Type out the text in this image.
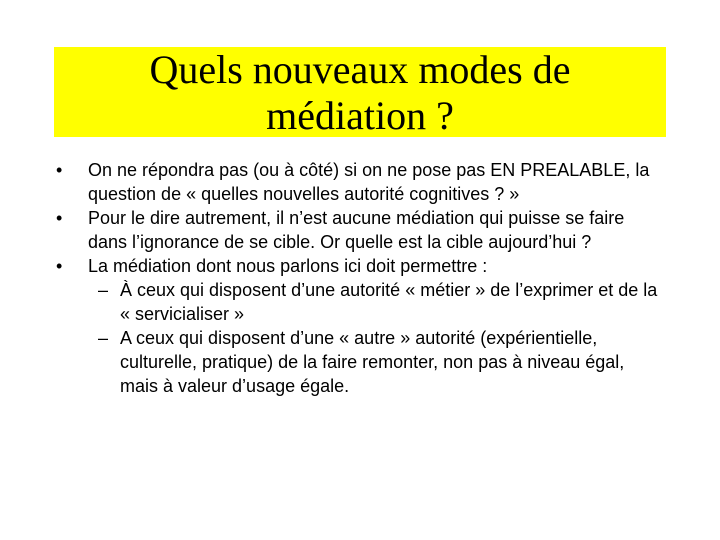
Quels nouveaux modes de
médiation ?

• On ne répondra pas (ou à côté) si on ne pose pas EN PREALABLE, la question de « quelles nouvelles autorité cognitives ? »

• Pour le dire autrement, il n’est aucune médiation qui puisse se faire dans l’ignorance de se cible. Or quelle est la cible aujourd’hui ?

• La médiation dont nous parlons ici doit permettre :

– À ceux qui disposent d’une autorité « métier » de l’exprimer et de la « servicialiser »

– A ceux qui disposent d’une « autre » autorité (expérientielle, culturelle, pratique) de la faire remonter, non pas à niveau égal, mais à valeur d’usage égale.
